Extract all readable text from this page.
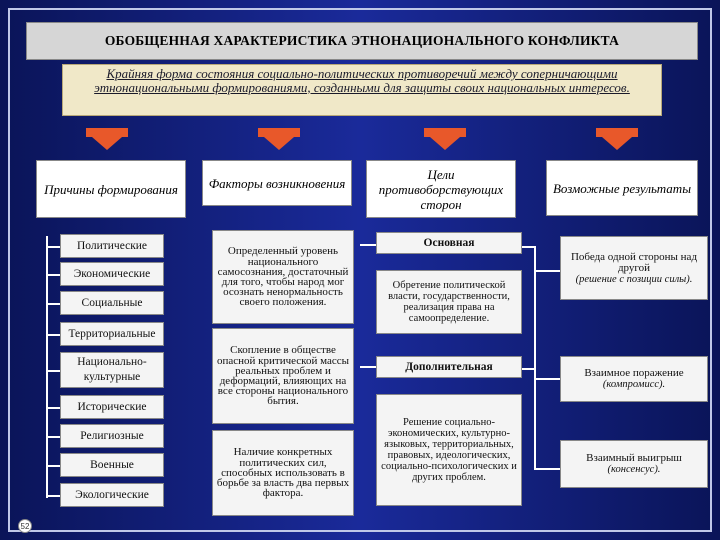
ОБОБЩЕННАЯ ХАРАКТЕРИСТИКА ЭТНОНАЦИОНАЛЬНОГО КОНФЛИКТА
Крайняя форма состояния социально-политических противоречий между соперничающими этнонациональными формированиями, созданными для защиты своих национальных интересов.
Причины формирования	Факторы возникновения
Цели противоборствующих сторон
Возможные результаты
Политические
Экономические
Социальные
Территориальные
Национально-культурные
Исторические
Религиозные
Военные
Экологические
Определенный уровень национального самосознания, достаточный для того, чтобы народ мог осознать ненормальность своего положения.
Скопление в обществе опасной критической массы реальных проблем и деформаций, влияющих на все стороны национального бытия.
Наличие конкретных политических сил, способных использовать в борьбе за власть два первых фактора.
Основная
Обретение политической власти, государственности, реализация права на самоопределение.
Дополнительная
Решение социально-экономических, культурно-языковых, территориальных, правовых, идеологических, социально-психологических и других проблем.
Победа одной стороны над другой
(решение с позиции силы).
Взаимное поражение
(компромисс).
Взаимный выигрыш
(консенсус).
52
